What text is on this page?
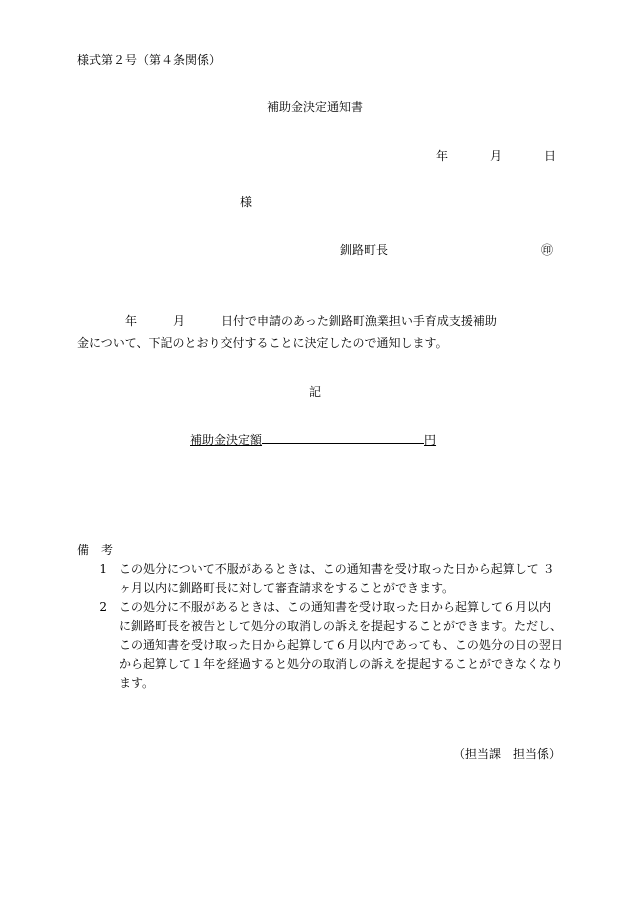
様式第２号（第４条関係）
補助金決定通知書
年	月	日
様
釧路町長	㊞
　　　　年　　　月　　　日付で申請のあった釧路町漁業担い手育成支援補助
金について、下記のとおり交付することに決定したので通知します。
記
補助金決定額	円
備　考
1	この処分について不服があるときは、この通知書を受け取った日から起算して ３
ヶ月以内に釧路町長に対して審査請求をすることができます。
2	この処分に不服があるときは、この通知書を受け取った日から起算して６月以内
に釧路町長を被告として処分の取消しの訴えを提起することができます。ただし、
この通知書を受け取った日から起算して６月以内であっても、この処分の日の翌日
から起算して１年を経過すると処分の取消しの訴えを提起することができなくなり
ます。
（担当課　担当係）
